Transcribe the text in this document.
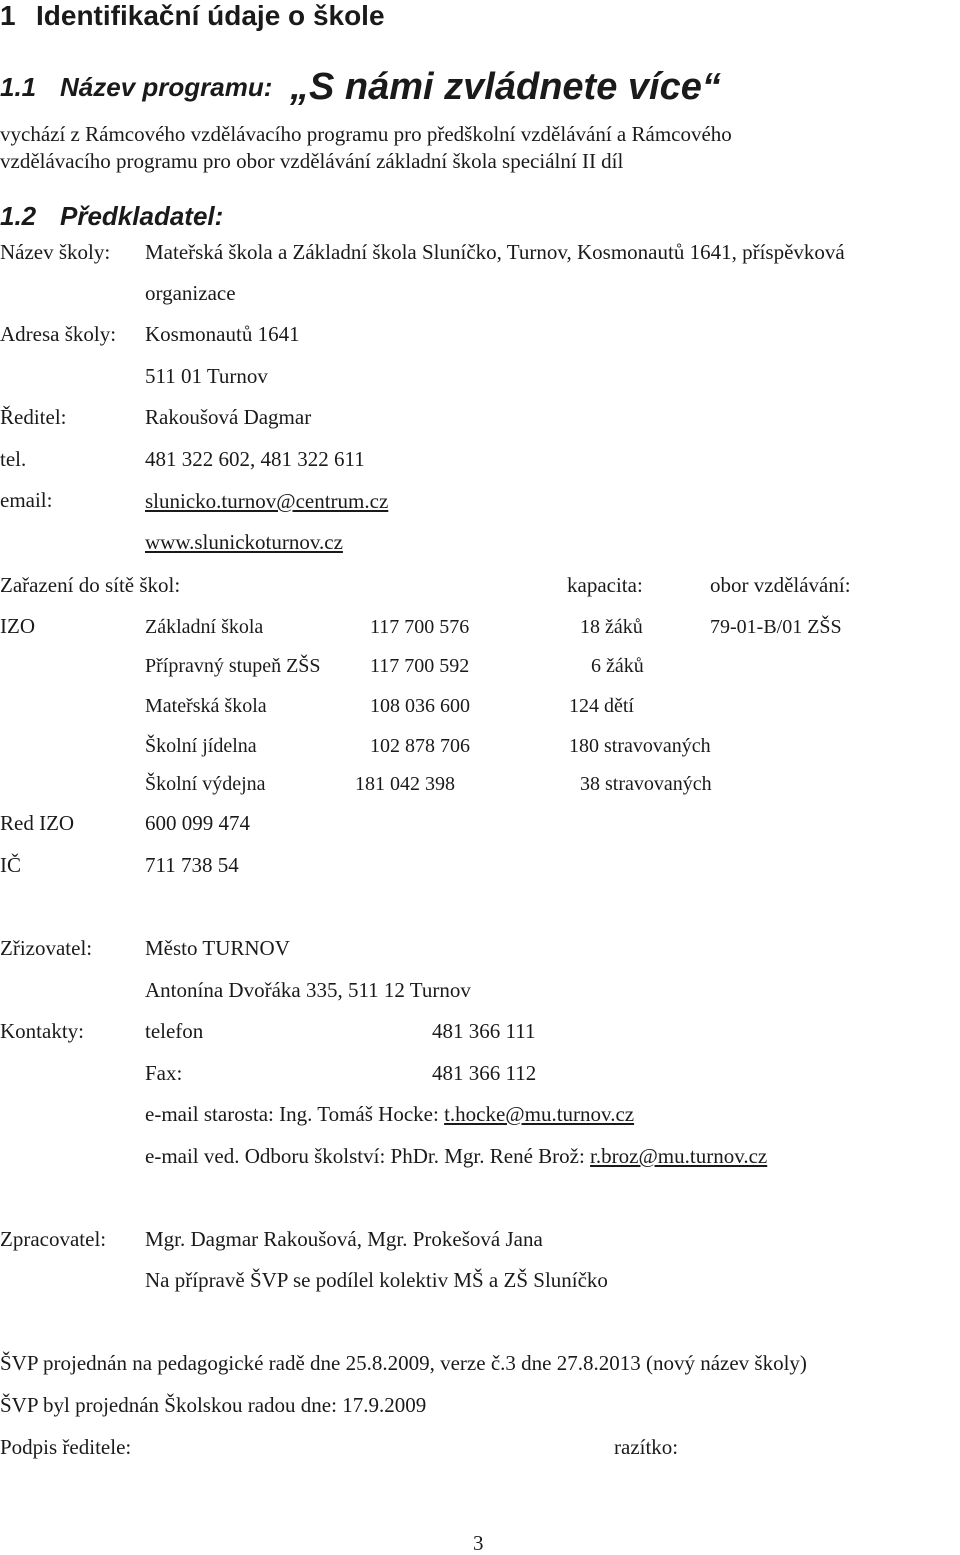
1 Identifikační údaje o škole
1.1 Název programu: „S námi zvládnete více“
vychází z Rámcového vzdělávacího programu pro předškolní vzdělávání a Rámcového
vzdělávacího programu pro obor vzdělávání základní škola speciální II díl
1.2 Předkladatel:
Název školy: Mateřská škola a Základní škola Sluníčko, Turnov, Kosmonautů 1641, příspěvková
organizace
Adresa školy: Kosmonautů 1641
511 01 Turnov
Ředitel:	Rakoušová Dagmar
tel.	481 322 602, 481 322 611
email:	slunicko.turnov@centrum.cz
www.slunickoturnov.cz
Zařazení do sítě škol:	kapacita:	obor vzdělávání:
IZO	Základní škola	117 700 576	18 žáků	79-01-B/01 ZŠS
Přípravný stupeň ZŠS 117 700 592	6 žáků
Mateřská škola	108 036 600	124 dětí
Školní jídelna	102 878 706	180 stravovaných
Školní výdejna	181 042 398	38 stravovaných
Red IZO	600 099 474
IČ	711 738 54
Zřizovatel:	Město TURNOV
Antonína Dvořáka 335, 511 12 Turnov
Kontakty:	telefon	481 366 111
Fax:	481 366 112
e-mail starosta: Ing. Tomáš Hocke: t.hocke@mu.turnov.cz
e-mail ved. Odboru školství: PhDr. Mgr. René Brož: r.broz@mu.turnov.cz
Zpracovatel: Mgr. Dagmar Rakoušová, Mgr. Prokešová Jana
Na přípravě ŠVP se podílel kolektiv MŠ a ZŠ Sluníčko
ŠVP projednán na pedagogické radě dne 25.8.2009, verze č.3 dne 27.8.2013 (nový název školy)
ŠVP byl projednán Školskou radou dne: 17.9.2009
Podpis ředitele:	razítko:
3
